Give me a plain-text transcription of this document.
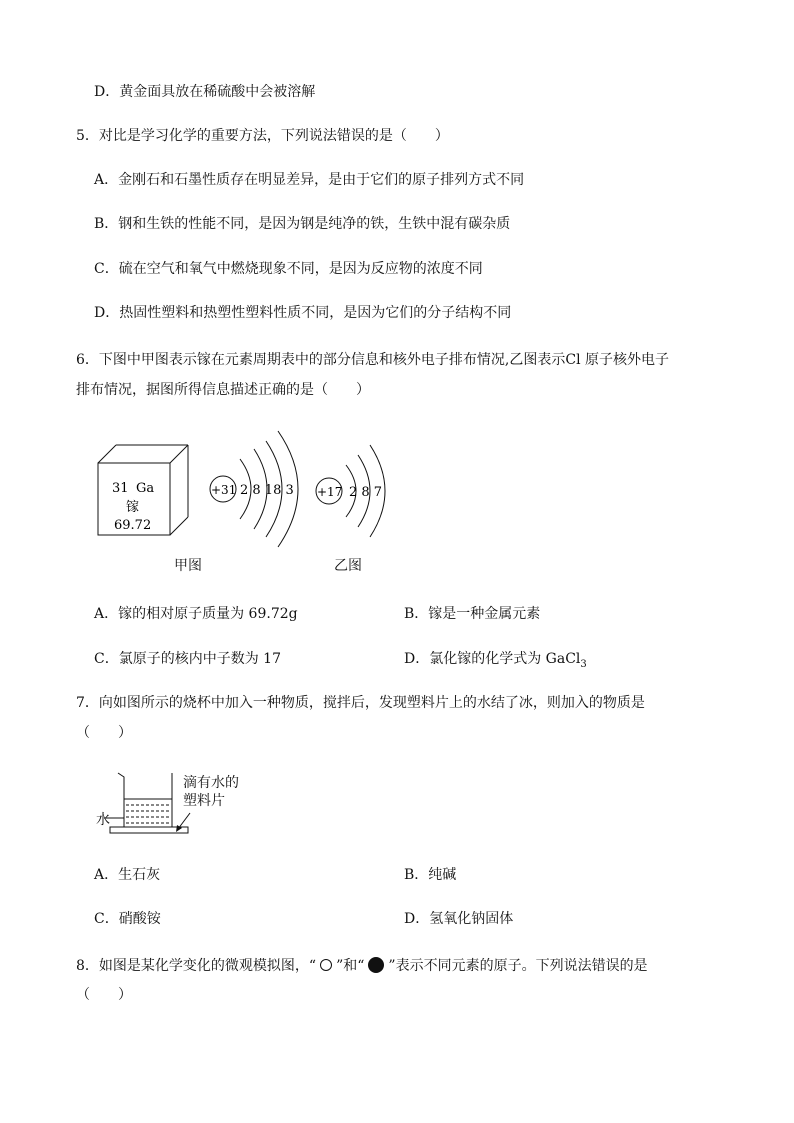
D．黄金面具放在稀硫酸中会被溶解
5．对比是学习化学的重要方法，下列说法错误的是（　　）
A．金刚石和石墨性质存在明显差异，是由于它们的原子排列方式不同
B．钢和生铁的性能不同，是因为钢是纯净的铁，生铁中混有碳杂质
C．硫在空气和氧气中燃烧现象不同，是因为反应物的浓度不同
D．热固性塑料和热塑性塑料性质不同，是因为它们的分子结构不同
6．下图中甲图表示镓在元素周期表中的部分信息和核外电子排布情况,乙图表示Cl 原子核外电子
排布情况，据图所得信息描述正确的是（　　）
31 Ga
镓
69.72
+31 2 8 18 3 +17 2 8 7
甲图	乙图
A．镓的相对原子质量为 69.72g	B．镓是一种金属元素
C．氯原子的核内中子数为 17	D．氯化镓的化学式为 GaCl$_3$
7．向如图所示的烧杯中加入一种物质，搅拌后，发现塑料片上的水结了冰，则加入的物质是
（　　）
水
滴有水的
塑料片
A．生石灰	B．纯碱
C．硝酸铵	D．氢氧化钠固体
8．如图是某化学变化的微观模拟图，“ ”和“ ”表示不同元素的原子。下列说法错误的是
（　　）
